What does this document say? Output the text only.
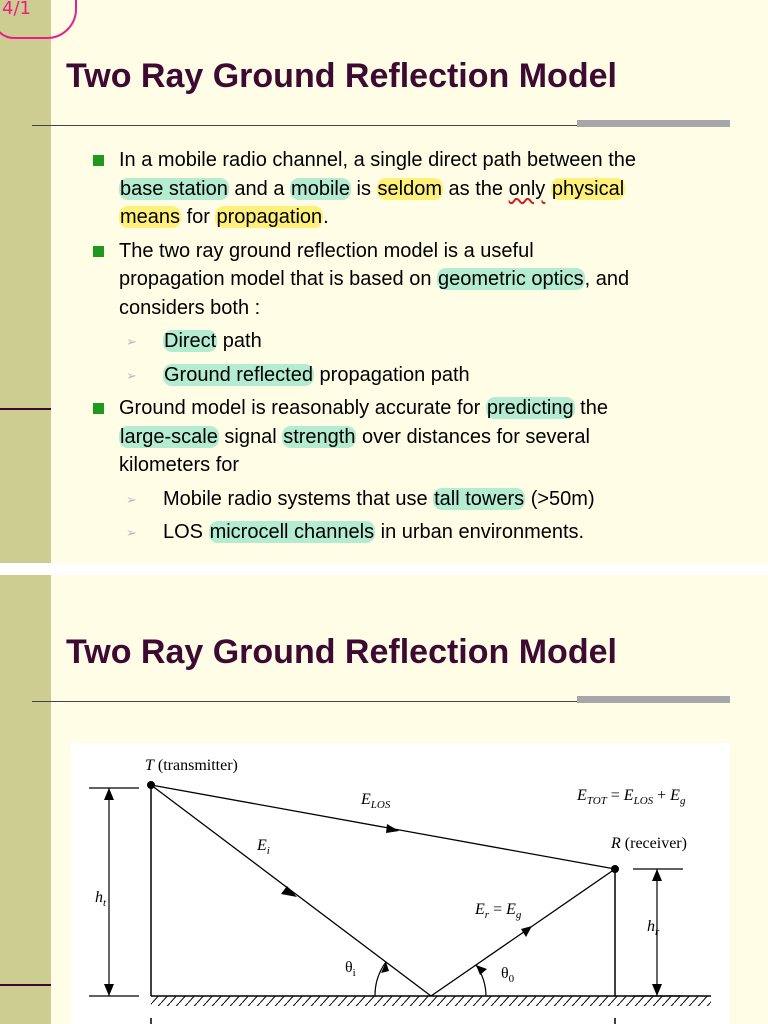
4/1
Two Ray Ground Reflection Model
In a mobile radio channel, a single direct path between the
base station and a mobile is seldom as the only physical
means for propagation.
The two ray ground reflection model is a useful
propagation model that is based on geometric optics, and
considers both :
➢ Direct path
➢ Ground reflected propagation path
Ground model is reasonably accurate for predicting the
large-scale signal strength over distances for several
kilometers for
➢ Mobile radio systems that use tall towers (>50m)
➢ LOS microcell channels in urban environments.
Two Ray Ground Reflection Model
T (transmitter)
R (receiver)
$E_{LOS}$
$E_i$
$E_r = E_g$
$E_{TOT} = E_{LOS} + E_g$
$h_t$
$h_r$
$\theta_i$	$\theta_0$
